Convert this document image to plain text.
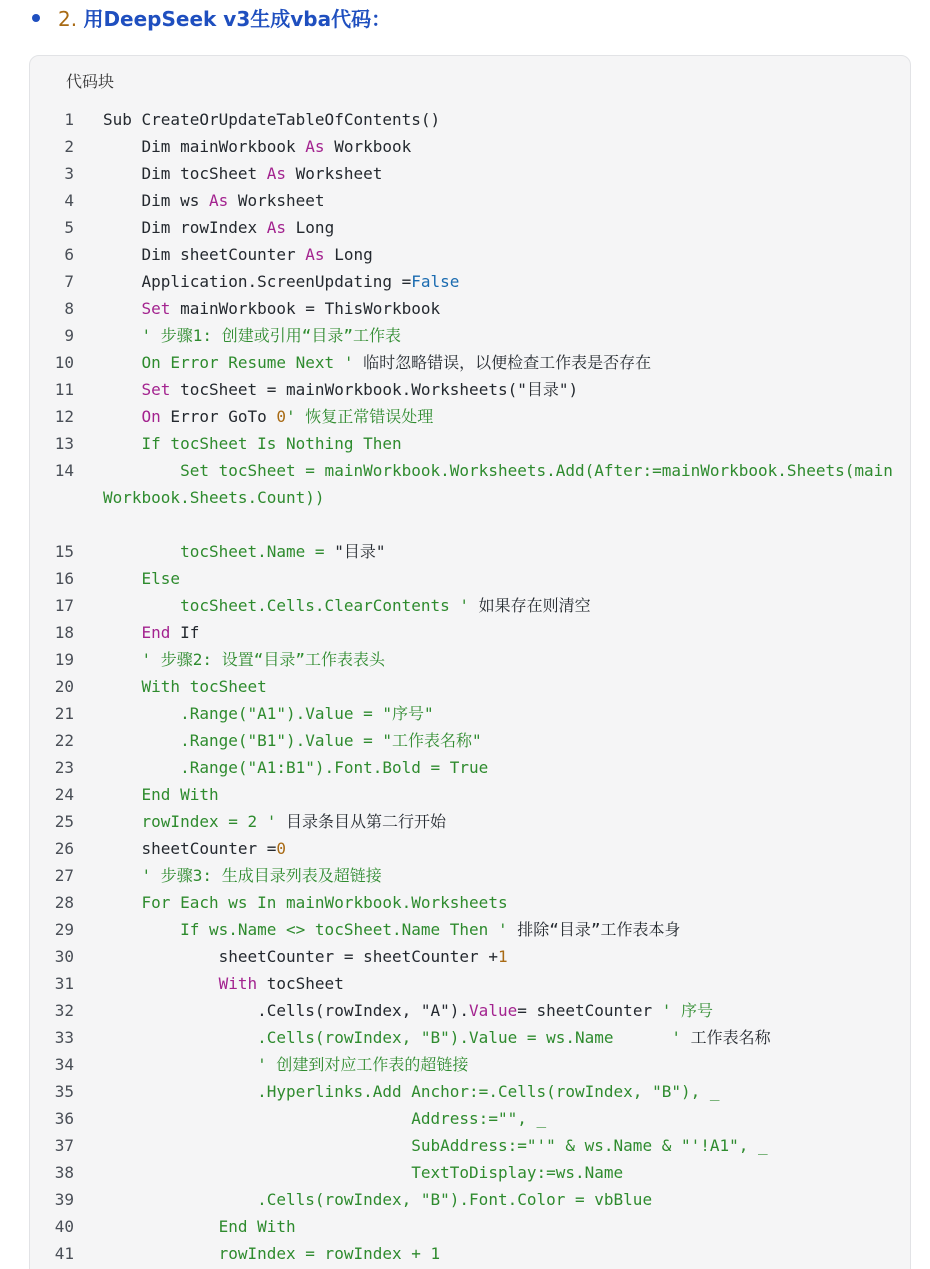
2. 用DeepSeek v3生成vba代码：
代码块
1 Sub CreateOrUpdateTableOfContents()
2 Dim mainWorkbook As Workbook
3 Dim tocSheet As Worksheet
4 Dim ws As Worksheet
5 Dim rowIndex As Long
6 Dim sheetCounter As Long
7 Application.ScreenUpdating =False
8	Set mainWorkbook = ThisWorkbook
9 ' 步骤1: 创建或引用“目录”工作表
10 On Error Resume Next ' 临时忽略错误，以便检查工作表是否存在
11	Set tocSheet = mainWorkbook.Worksheets("目录")
12	On Error GoTo 0' 恢复正常错误处理
13 If tocSheet Is Nothing Then
14 Set tocSheet = mainWorkbook.Worksheets.Add(After:=mainWorkbook.Sheets(mainWorkbook.Sheets.Count))
15 tocSheet.Name = "目录"
16 Else
17 tocSheet.Cells.ClearContents ' 如果存在则清空
18	End If
19 ' 步骤2: 设置“目录”工作表表头
20 With tocSheet
21 .Range("A1").Value = "序号"
22 .Range("B1").Value = "工作表名称"
23 .Range("A1:B1").Font.Bold = True
24 End With
25 rowIndex = 2 ' 目录条目从第二行开始
26 sheetCounter =0
27 ' 步骤3: 生成目录列表及超链接
28 For Each ws In mainWorkbook.Worksheets
29 If ws.Name <> tocSheet.Name Then ' 排除“目录”工作表本身
30 sheetCounter = sheetCounter +1
31	With tocSheet
32 .Cells(rowIndex, "A").Value= sheetCounter ' 序号
33 .Cells(rowIndex, "B").Value = ws.Name      ' 工作表名称
34 ' 创建到对应工作表的超链接
35 .Hyperlinks.Add Anchor:=.Cells(rowIndex, "B"), _
36 Address:="", _
37 SubAddress:="'" & ws.Name & "'!A1", _
38 TextToDisplay:=ws.Name
39 .Cells(rowIndex, "B").Font.Color = vbBlue
40 End With
41 rowIndex = rowIndex + 1
